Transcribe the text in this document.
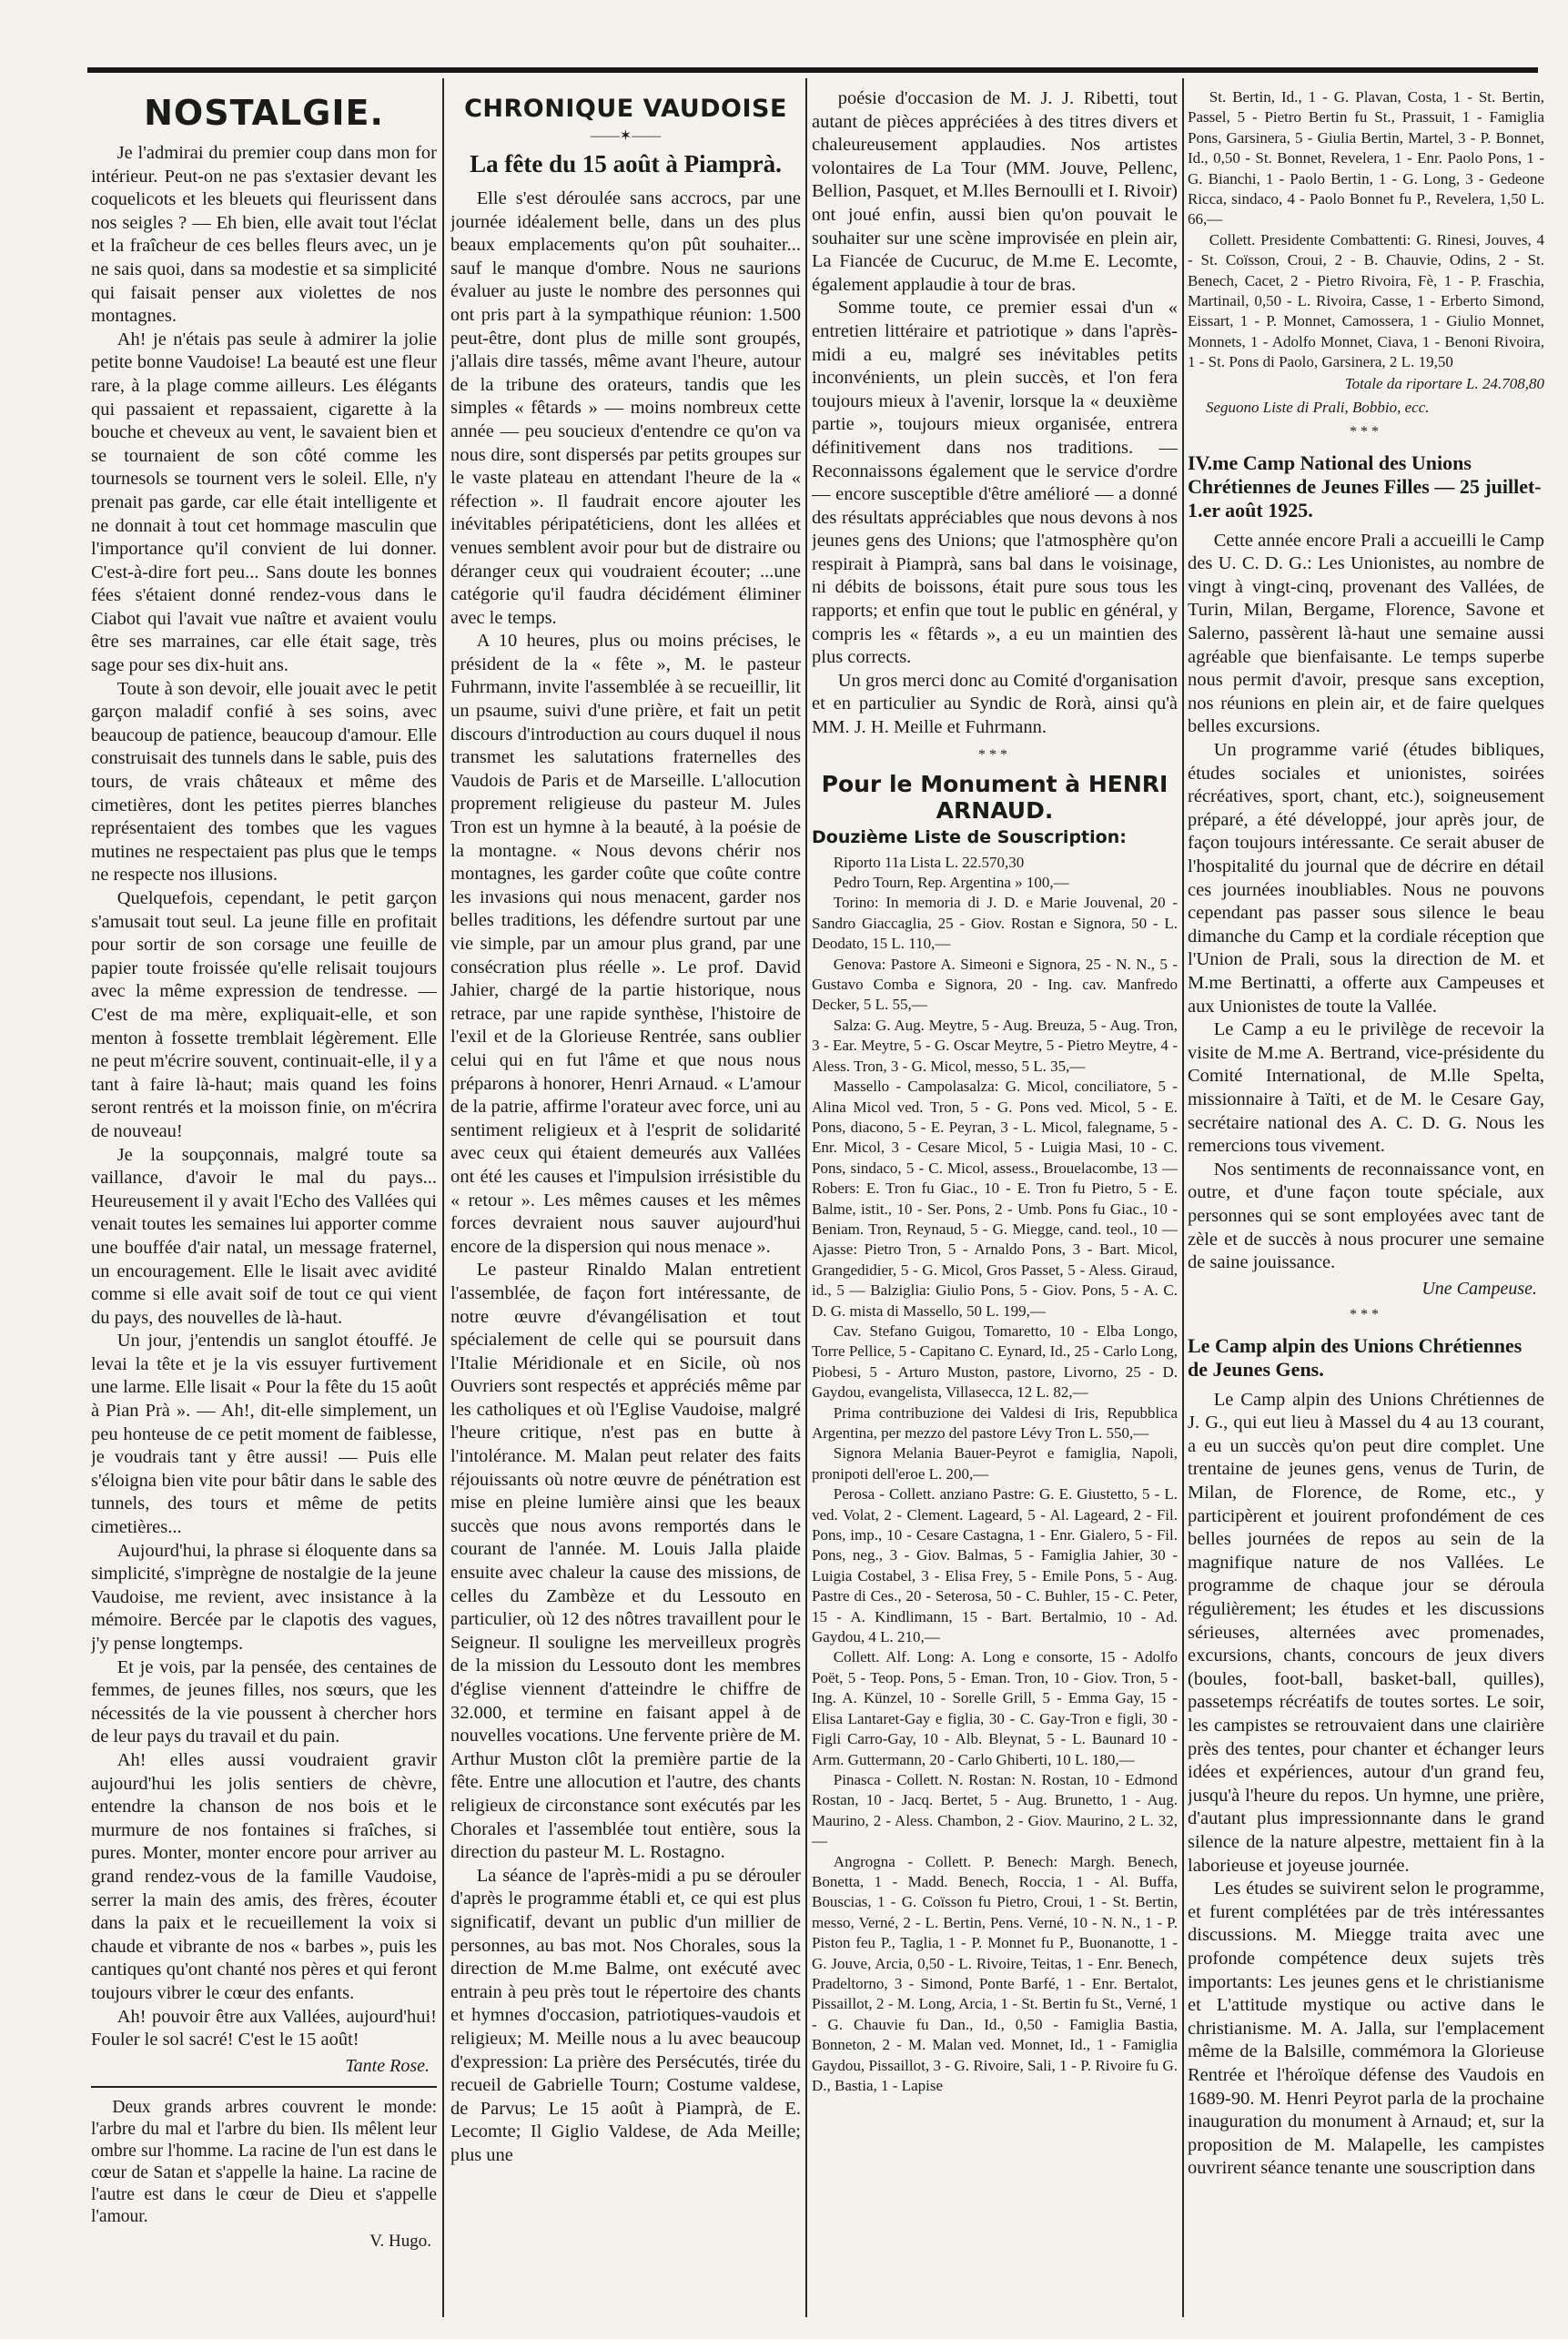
NOSTALGIE.

Je l'admirai du premier coup dans mon for intérieur. Peut-on ne pas s'extasier devant les coquelicots et les bleuets qui fleurissent dans nos seigles ? — Eh bien, elle avait tout l'éclat et la fraîcheur de ces belles fleurs avec, un je ne sais quoi, dans sa modestie et sa simplicité qui faisait penser aux violettes de nos montagnes.

Ah! je n'étais pas seule à admirer la jolie petite bonne Vaudoise! La beauté est une fleur rare, à la plage comme ailleurs. Les élégants qui passaient et repassaient, cigarette à la bouche et cheveux au vent, le savaient bien et se tournaient de son côté comme les tournesols se tournent vers le soleil. Elle, n'y prenait pas garde, car elle était intelligente et ne donnait à tout cet hommage masculin que l'importance qu'il convient de lui donner. C'est-à-dire fort peu... Sans doute les bonnes fées s'étaient donné rendez-vous dans le Ciabot qui l'avait vue naître et avaient voulu être ses marraines, car elle était sage, très sage pour ses dix-huit ans.

Toute à son devoir, elle jouait avec le petit garçon maladif confié à ses soins, avec beaucoup de patience, beaucoup d'amour. Elle construisait des tunnels dans le sable, puis des tours, de vrais châteaux et même des cimetières, dont les petites pierres blanches représentaient des tombes que les vagues mutines ne respectaient pas plus que le temps ne respecte nos illusions.

Quelquefois, cependant, le petit garçon s'amusait tout seul. La jeune fille en profitait pour sortir de son corsage une feuille de papier toute froissée qu'elle relisait toujours avec la même expression de tendresse. — C'est de ma mère, expliquait-elle, et son menton à fossette tremblait légèrement. Elle ne peut m'écrire souvent, continuait-elle, il y a tant à faire là-haut; mais quand les foins seront rentrés et la moisson finie, on m'écrira de nouveau!

Je la soupçonnais, malgré toute sa vaillance, d'avoir le mal du pays... Heureusement il y avait l'Echo des Vallées qui venait toutes les semaines lui apporter comme une bouffée d'air natal, un message fraternel, un encouragement. Elle le lisait avec avidité comme si elle avait soif de tout ce qui vient du pays, des nouvelles de là-haut.

Un jour, j'entendis un sanglot étouffé. Je levai la tête et je la vis essuyer furtivement une larme. Elle lisait « Pour la fête du 15 août à Pian Prà ». — Ah!, dit-elle simplement, un peu honteuse de ce petit moment de faiblesse, je voudrais tant y être aussi! — Puis elle s'éloigna bien vite pour bâtir dans le sable des tunnels, des tours et même de petits cimetières...

Aujourd'hui, la phrase si éloquente dans sa simplicité, s'imprègne de nostalgie de la jeune Vaudoise, me revient, avec insistance à la mémoire. Bercée par le clapotis des vagues, j'y pense longtemps.

Et je vois, par la pensée, des centaines de femmes, de jeunes filles, nos sœurs, que les nécessités de la vie poussent à chercher hors de leur pays du travail et du pain.

Ah! elles aussi voudraient gravir aujourd'hui les jolis sentiers de chèvre, entendre la chanson de nos bois et le murmure de nos fontaines si fraîches, si pures. Monter, monter encore pour arriver au grand rendez-vous de la famille Vaudoise, serrer la main des amis, des frères, écouter dans la paix et le recueillement la voix si chaude et vibrante de nos « barbes », puis les cantiques qu'ont chanté nos pères et qui feront toujours vibrer le cœur des enfants.

Ah! pouvoir être aux Vallées, aujourd'hui! Fouler le sol sacré! C'est le 15 août!

Tante Rose.

Deux grands arbres couvrent le monde: l'arbre du mal et l'arbre du bien. Ils mêlent leur ombre sur l'homme. La racine de l'un est dans le cœur de Satan et s'appelle la haine. La racine de l'autre est dans le cœur de Dieu et s'appelle l'amour.

V. Hugo.
CHRONIQUE VAUDOISE
——✶——
La fête du 15 août à Piamprà.

Elle s'est déroulée sans accrocs, par une journée idéalement belle, dans un des plus beaux emplacements qu'on pût souhaiter... sauf le manque d'ombre. Nous ne saurions évaluer au juste le nombre des personnes qui ont pris part à la sympathique réunion: 1.500 peut-être, dont plus de mille sont groupés, j'allais dire tassés, même avant l'heure, autour de la tribune des orateurs, tandis que les simples « fêtards » — moins nombreux cette année — peu soucieux d'entendre ce qu'on va nous dire, sont dispersés par petits groupes sur le vaste plateau en attendant l'heure de la « réfection ». Il faudrait encore ajouter les inévitables péripatéticiens, dont les allées et venues semblent avoir pour but de distraire ou déranger ceux qui voudraient écouter; ...une catégorie qu'il faudra décidément éliminer avec le temps.

A 10 heures, plus ou moins précises, le président de la « fête », M. le pasteur Fuhrmann, invite l'assemblée à se recueillir, lit un psaume, suivi d'une prière, et fait un petit discours d'introduction au cours duquel il nous transmet les salutations fraternelles des Vaudois de Paris et de Marseille. L'allocution proprement religieuse du pasteur M. Jules Tron est un hymne à la beauté, à la poésie de la montagne. « Nous devons chérir nos montagnes, les garder coûte que coûte contre les invasions qui nous menacent, garder nos belles traditions, les défendre surtout par une vie simple, par un amour plus grand, par une consécration plus réelle ». Le prof. David Jahier, chargé de la partie historique, nous retrace, par une rapide synthèse, l'histoire de l'exil et de la Glorieuse Rentrée, sans oublier celui qui en fut l'âme et que nous nous préparons à honorer, Henri Arnaud. « L'amour de la patrie, affirme l'orateur avec force, uni au sentiment religieux et à l'esprit de solidarité avec ceux qui étaient demeurés aux Vallées ont été les causes et l'impulsion irrésistible du « retour ». Les mêmes causes et les mêmes forces devraient nous sauver aujourd'hui encore de la dispersion qui nous menace ».

Le pasteur Rinaldo Malan entretient l'assemblée, de façon fort intéressante, de notre œuvre d'évangélisation et tout spécialement de celle qui se poursuit dans l'Italie Méridionale et en Sicile, où nos Ouvriers sont respectés et appréciés même par les catholiques et où l'Eglise Vaudoise, malgré l'heure critique, n'est pas en butte à l'intolérance. M. Malan peut relater des faits réjouissants où notre œuvre de pénétration est mise en pleine lumière ainsi que les beaux succès que nous avons remportés dans le courant de l'année. M. Louis Jalla plaide ensuite avec chaleur la cause des missions, de celles du Zambèze et du Lessouto en particulier, où 12 des nôtres travaillent pour le Seigneur. Il souligne les merveilleux progrès de la mission du Lessouto dont les membres d'église viennent d'atteindre le chiffre de 32.000, et termine en faisant appel à de nouvelles vocations. Une fervente prière de M. Arthur Muston clôt la première partie de la fête. Entre une allocution et l'autre, des chants religieux de circonstance sont exécutés par les Chorales et l'assemblée tout entière, sous la direction du pasteur M. L. Rostagno.

La séance de l'après-midi a pu se dérouler d'après le programme établi et, ce qui est plus significatif, devant un public d'un millier de personnes, au bas mot. Nos Chorales, sous la direction de M.me Balme, ont exécuté avec entrain à peu près tout le répertoire des chants et hymnes d'occasion, patriotiques-vaudois et religieux; M. Meille nous a lu avec beaucoup d'expression: La prière des Persécutés, tirée du recueil de Gabrielle Tourn; Costume valdese, de Parvus; Le 15 août à Piamprà, de E. Lecomte; Il Giglio Valdese, de Ada Meille; plus une

poésie d'occasion de M. J. J. Ribetti, tout autant de pièces appréciées à des titres divers et chaleureusement applaudies. Nos artistes volontaires de La Tour (MM. Jouve, Pellenc, Bellion, Pasquet, et M.lles Bernoulli et I. Rivoir) ont joué enfin, aussi bien qu'on pouvait le souhaiter sur une scène improvisée en plein air, La Fiancée de Cucuruc, de M.me E. Lecomte, également applaudie à tour de bras.

Somme toute, ce premier essai d'un « entretien littéraire et patriotique » dans l'après-midi a eu, malgré ses inévitables petits inconvénients, un plein succès, et l'on fera toujours mieux à l'avenir, lorsque la « deuxième partie », toujours mieux organisée, entrera définitivement dans nos traditions. — Reconnaissons également que le service d'ordre — encore susceptible d'être amélioré — a donné des résultats appréciables que nous devons à nos jeunes gens des Unions; que l'atmosphère qu'on respirait à Piamprà, sans bal dans le voisinage, ni débits de boissons, était pure sous tous les rapports; et enfin que tout le public en général, y compris les « fêtards », a eu un maintien des plus corrects.

Un gros merci donc au Comité d'organisation et en particulier au Syndic de Rorà, ainsi qu'à MM. J. H. Meille et Fuhrmann.

***
Pour le Monument à HENRI ARNAUD.
Douzième Liste de Souscription:

Riporto 11a Lista L. 22.570,30

Pedro Tourn, Rep. Argentina » 100,—

Torino: In memoria di J. D. e Marie Jouvenal, 20 - Sandro Giaccaglia, 25 - Giov. Rostan e Signora, 50 - L. Deodato, 15 L. 110,—

Genova: Pastore A. Simeoni e Signora, 25 - N. N., 5 - Gustavo Comba e Signora, 20 - Ing. cav. Manfredo Decker, 5 L. 55,—

Salza: G. Aug. Meytre, 5 - Aug. Breuza, 5 - Aug. Tron, 3 - Ear. Meytre, 5 - G. Oscar Meytre, 5 - Pietro Meytre, 4 - Aless. Tron, 3 - G. Micol, messo, 5 L. 35,—

Massello - Campolasalza: G. Micol, conciliatore, 5 - Alina Micol ved. Tron, 5 - G. Pons ved. Micol, 5 - E. Pons, diacono, 5 - E. Peyran, 3 - L. Micol, falegname, 5 - Enr. Micol, 3 - Cesare Micol, 5 - Luigia Masi, 10 - C. Pons, sindaco, 5 - C. Micol, assess., Brouelacombe, 13 — Robers: E. Tron fu Giac., 10 - E. Tron fu Pietro, 5 - E. Balme, istit., 10 - Ser. Pons, 2 - Umb. Pons fu Giac., 10 - Beniam. Tron, Reynaud, 5 - G. Miegge, cand. teol., 10 — Ajasse: Pietro Tron, 5 - Arnaldo Pons, 3 - Bart. Micol, Grangedidier, 5 - G. Micol, Gros Passet, 5 - Aless. Giraud, id., 5 — Balziglia: Giulio Pons, 5 - Giov. Pons, 5 - A. C. D. G. mista di Massello, 50 L. 199,—

Cav. Stefano Guigou, Tomaretto, 10 - Elba Longo, Torre Pellice, 5 - Capitano C. Eynard, Id., 25 - Carlo Long, Piobesi, 5 - Arturo Muston, pastore, Livorno, 25 - D. Gaydou, evangelista, Villasecca, 12 L. 82,—

Prima contribuzione dei Valdesi di Iris, Repubblica Argentina, per mezzo del pastore Lévy Tron L. 550,—

Signora Melania Bauer-Peyrot e famiglia, Napoli, pronipoti dell'eroe L. 200,—

Perosa - Collett. anziano Pastre: G. E. Giustetto, 5 - L. ved. Volat, 2 - Clement. Lageard, 5 - Al. Lageard, 2 - Fil. Pons, imp., 10 - Cesare Castagna, 1 - Enr. Gialero, 5 - Fil. Pons, neg., 3 - Giov. Balmas, 5 - Famiglia Jahier, 30 - Luigia Costabel, 3 - Elisa Frey, 5 - Emile Pons, 5 - Aug. Pastre di Ces., 20 - Seterosa, 50 - C. Buhler, 15 - C. Peter, 15 - A. Kindlimann, 15 - Bart. Bertalmio, 10 - Ad. Gaydou, 4 L. 210,—

Collett. Alf. Long: A. Long e consorte, 15 - Adolfo Poët, 5 - Teop. Pons, 5 - Eman. Tron, 10 - Giov. Tron, 5 - Ing. A. Künzel, 10 - Sorelle Grill, 5 - Emma Gay, 15 - Elisa Lantaret-Gay e figlia, 30 - C. Gay-Tron e figli, 30 - Figli Carro-Gay, 10 - Alb. Bleynat, 5 - L. Baunard 10 - Arm. Guttermann, 20 - Carlo Ghiberti, 10 L. 180,—

Pinasca - Collett. N. Rostan: N. Rostan, 10 - Edmond Rostan, 10 - Jacq. Bertet, 5 - Aug. Brunetto, 1 - Aug. Maurino, 2 - Aless. Chambon, 2 - Giov. Maurino, 2 L. 32,—

Angrogna - Collett. P. Benech: Margh. Benech, Bonetta, 1 - Madd. Benech, Roccia, 1 - Al. Buffa, Bouscias, 1 - G. Coïsson fu Pietro, Croui, 1 - St. Bertin, messo, Verné, 2 - L. Bertin, Pens. Verné, 10 - N. N., 1 - P. Piston feu P., Taglia, 1 - P. Monnet fu P., Buonanotte, 1 - G. Jouve, Arcia, 0,50 - L. Rivoire, Teitas, 1 - Enr. Benech, Pradeltorno, 3 - Simond, Ponte Barfé, 1 - Enr. Bertalot, Pissaillot, 2 - M. Long, Arcia, 1 - St. Bertin fu St., Verné, 1 - G. Chauvie fu Dan., Id., 0,50 - Famiglia Bastia, Bonneton, 2 - M. Malan ved. Monnet, Id., 1 - Famiglia Gaydou, Pissaillot, 3 - G. Rivoire, Sali, 1 - P. Rivoire fu G. D., Bastia, 1 - Lapise

St. Bertin, Id., 1 - G. Plavan, Costa, 1 - St. Bertin, Passel, 5 - Pietro Bertin fu St., Prassuit, 1 - Famiglia Pons, Garsinera, 5 - Giulia Bertin, Martel, 3 - P. Bonnet, Id., 0,50 - St. Bonnet, Revelera, 1 - Enr. Paolo Pons, 1 - G. Bianchi, 1 - Paolo Bertin, 1 - G. Long, 3 - Gedeone Ricca, sindaco, 4 - Paolo Bonnet fu P., Revelera, 1,50 L. 66,—

Collett. Presidente Combattenti: G. Rinesi, Jouves, 4 - St. Coïsson, Croui, 2 - B. Chauvie, Odins, 2 - St. Benech, Cacet, 2 - Pietro Rivoira, Fè, 1 - P. Fraschia, Martinail, 0,50 - L. Rivoira, Casse, 1 - Erberto Simond, Eissart, 1 - P. Monnet, Camossera, 1 - Giulio Monnet, Monnets, 1 - Adolfo Monnet, Ciava, 1 - Benoni Rivoira, 1 - St. Pons di Paolo, Garsinera, 2 L. 19,50

Totale da riportare L. 24.708,80
Seguono Liste di Prali, Bobbio, ecc.
***
IV.me Camp National des Unions Chrétiennes de Jeunes Filles — 25 juillet-1.er août 1925.

Cette année encore Prali a accueilli le Camp des U. C. D. G.: Les Unionistes, au nombre de vingt à vingt-cinq, provenant des Vallées, de Turin, Milan, Bergame, Florence, Savone et Salerno, passèrent là-haut une semaine aussi agréable que bienfaisante. Le temps superbe nous permit d'avoir, presque sans exception, nos réunions en plein air, et de faire quelques belles excursions.

Un programme varié (études bibliques, études sociales et unionistes, soirées récréatives, sport, chant, etc.), soigneusement préparé, a été développé, jour après jour, de façon toujours intéressante. Ce serait abuser de l'hospitalité du journal que de décrire en détail ces journées inoubliables. Nous ne pouvons cependant pas passer sous silence le beau dimanche du Camp et la cordiale réception que l'Union de Prali, sous la direction de M. et M.me Bertinatti, a offerte aux Campeuses et aux Unionistes de toute la Vallée.

Le Camp a eu le privilège de recevoir la visite de M.me A. Bertrand, vice-présidente du Comité International, de M.lle Spelta, missionnaire à Taïti, et de M. le Cesare Gay, secrétaire national des A. C. D. G. Nous les remercions tous vivement.

Nos sentiments de reconnaissance vont, en outre, et d'une façon toute spéciale, aux personnes qui se sont employées avec tant de zèle et de succès à nous procurer une semaine de saine jouissance.

Une Campeuse.
***
Le Camp alpin des Unions Chrétiennes de Jeunes Gens.

Le Camp alpin des Unions Chrétiennes de J. G., qui eut lieu à Massel du 4 au 13 courant, a eu un succès qu'on peut dire complet. Une trentaine de jeunes gens, venus de Turin, de Milan, de Florence, de Rome, etc., y participèrent et jouirent profondément de ces belles journées de repos au sein de la magnifique nature de nos Vallées. Le programme de chaque jour se déroula régulièrement; les études et les discussions sérieuses, alternées avec promenades, excursions, chants, concours de jeux divers (boules, foot-ball, basket-ball, quilles), passetemps récréatifs de toutes sortes. Le soir, les campistes se retrouvaient dans une clairière près des tentes, pour chanter et échanger leurs idées et expériences, autour d'un grand feu, jusqu'à l'heure du repos. Un hymne, une prière, d'autant plus impressionnante dans le grand silence de la nature alpestre, mettaient fin à la laborieuse et joyeuse journée.

Les études se suivirent selon le programme, et furent complétées par de très intéressantes discussions. M. Miegge traita avec une profonde compétence deux sujets très importants: Les jeunes gens et le christianisme et L'attitude mystique ou active dans le christianisme. M. A. Jalla, sur l'emplacement même de la Balsille, commémora la Glorieuse Rentrée et l'héroïque défense des Vaudois en 1689-90. M. Henri Peyrot parla de la prochaine inauguration du monument à Arnaud; et, sur la proposition de M. Malapelle, les campistes ouvrirent séance tenante une souscription dans
